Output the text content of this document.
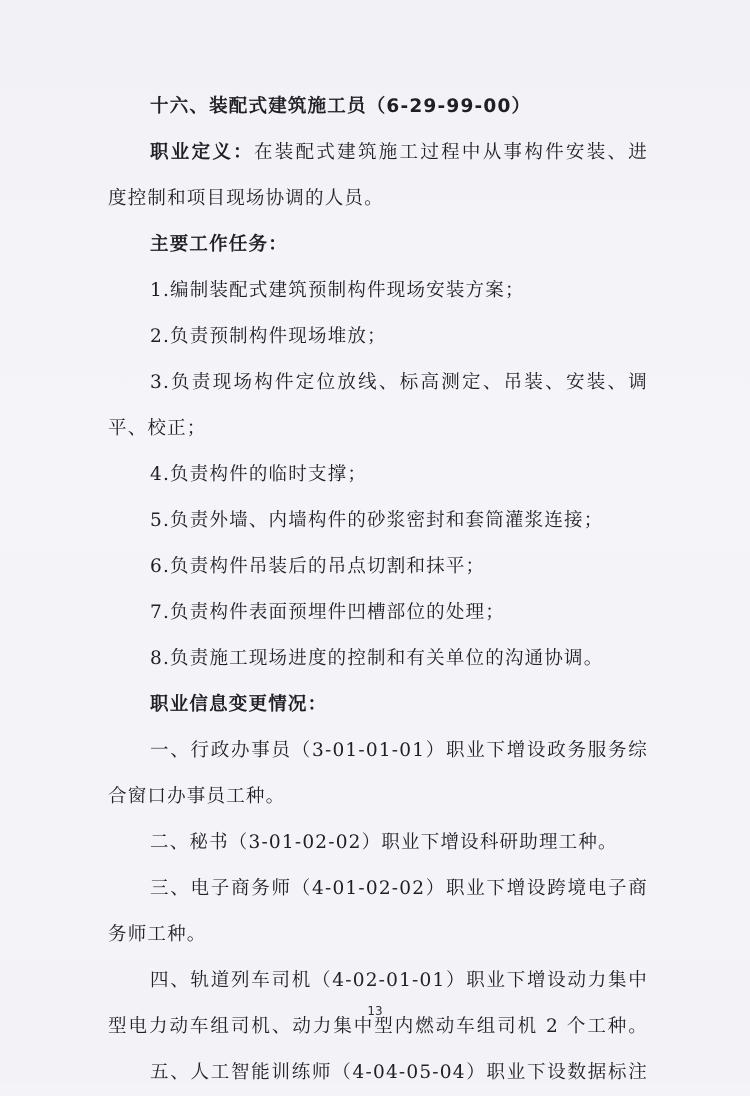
十六、装配式建筑施工员（6-29-99-00）
职业定义：在装配式建筑施工过程中从事构件安装、进
度控制和项目现场协调的人员。
主要工作任务：
1.编制装配式建筑预制构件现场安装方案；
2.负责预制构件现场堆放；
3.负责现场构件定位放线、标高测定、吊装、安装、调
平、校正；
4.负责构件的临时支撑；
5.负责外墙、内墙构件的砂浆密封和套筒灌浆连接；
6.负责构件吊装后的吊点切割和抹平；
7.负责构件表面预埋件凹槽部位的处理；
8.负责施工现场进度的控制和有关单位的沟通协调。
职业信息变更情况：
一、行政办事员（3-01-01-01）职业下增设政务服务综
合窗口办事员工种。
二、秘书（3-01-02-02）职业下增设科研助理工种。
三、电子商务师（4-01-02-02）职业下增设跨境电子商
务师工种。
四、轨道列车司机（4-02-01-01）职业下增设动力集中
型电力动车组司机、动力集中型内燃动车组司机 2 个工种。
五、人工智能训练师（4-04-05-04）职业下设数据标注
13
